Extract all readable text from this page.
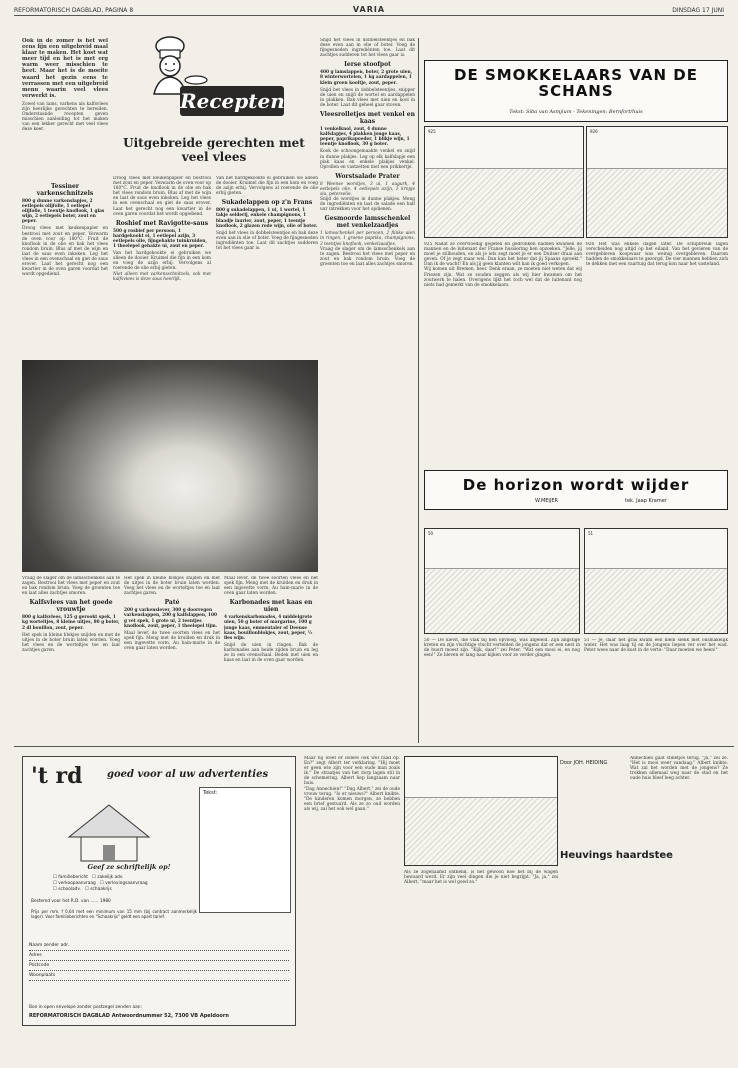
REFORMATORISCH DAGBLAD, PAGINA 8	VARIA	DINSDAG 17 JUNI
Ook in de zomer is het wel eens fijn een uitgebreid maal klaar te maken. Het kost wat meer tijd en het is met erg warm weer misschien te heet. Maar het is de moeite waard het gezin eens te verrassen met een uitgebreid menu waarin veel vlees verwerkt is.
Zowel van lams, varkens als kalfsvlees zijn heerlijke gerechten te bereiden. Onderstaande recepten geven misschien aanleiding tot het maken van een lekker gerecht met veel vlees deze keer.
Recepten
Uitgebreide gerechten met veel vlees
Tessiner varkenschnitzels
800 g dunne varkenslapjes, 2 eetlepels olijfolie, 1 eetlepel olijfolie, 1 teentje knoflook, 1 glas wijn, 2 eetlepels boter, zout en peper.
Droog vlees met keukenpapier en bestrooi met zout en peper. Verwarm de oven voor op 180°C. Fruit de knoflook in de olie en bak het vlees rondom bruin. Blus af met de wijn en laat de saus even inkoken. Leg het vlees in een ovenschaal en giet de saus erover. Laat het gerecht nog een kwartier in de oven garen voordat het wordt opgediend.
Droog vlees met keukenpapier en bestrooi met zout en peper. Verwarm de oven voor op 180°C. Fruit de knoflook in de olie en bak het vlees rondom bruin. Blus af met de wijn en laat de saus even inkoken. Leg het vlees in een ovenschaal en giet de saus erover. Laat het gerecht nog een kwartier in de oven garen voordat het wordt opgediend.
Roshief met Ravigotte-saus
500 g rosbief per persoon, 1 hardgekookt ei, 1 eetlepel azijn, 3 eetlepels olie, fijngehakte tuinkruiden, 1 theelepel gehakte ui, zout en peper.
Van het hardgekookte ei gebruiken we alleen de dooier. Kruimel die fijn in een kom en voeg de azijn erbij. Vervolgens al roerende de olie erbij gieten.
Niet alleen met varkensschnitzels, ook met kalfsvlees is deze saus heerlijk.
Van het hardgekookte ei gebruiken we alleen de dooier. Kruimel die fijn in een kom en voeg de azijn erbij. Vervolgens al roerende de olie erbij gieten.
Sukadelappen op z'n Frans
800 g sukadelappen, 1 ui, 1 wortel, 1 takje selderij, enkele champignons, 1 blaadje laurier, zout, peper, 1 teentje knoflook, 2 glazen rode wijn, olie of boter.
Snijd het vlees in dobbelsteentjes en bak deze even aan in olie of boter. Voeg de fijngesneden ingrediënten toe. Laat dit zachtjes sudderen tot het vlees gaar is.
Snijd het vlees in dobbelsteentjes en bak deze even aan in olie of boter. Voeg de fijngesneden ingrediënten toe. Laat dit zachtjes sudderen tot het vlees gaar is.
Ierse stoofpot
400 g lamslappen, boter, 2 grote uien, 8 winterwortelen, 1 kg aardappelen, 1 klein groen kooltje, zout, peper.
Snijd het vlees in dobbelsteentjes, snipper de uien en snijd de wortel en aardappelen in plakken. Bak vlees met uien en kool in de boter. Laat dit geheel gaar stoven.
Vleesrolletjes met venkel en kaas
1 venkelknol, zout, 4 dunne kalfslapjes, 4 plakken jonge kaas, peper, paprikapoeder, 1 blikje wijn, 1 teentje knoflook, 30 g boter.
Kook de schoongemaakte venkel en snijd in dunne plakjes. Leg op elk kalfslapje een plak kaas en enkele plakjes venkel. Oprollen en vastzetten met een prikkertje.
Worstsalade Prater
8 Weense worstjes, 3 ui, 1 augurk, 4 eetlepels olie, 4 eetlepels azijn, 1 kropje sla, peterselie.
Snijd de worstjes in dunne plakjes. Meng de ingrediënten en laat de salade een half uur intrekken voor het opdienen.
Gesmoorde lamsschenkel met venkelzaadjes
1 lamsschenkel per persoon, 2 flinke uien in ringen, 1 groene paprika, champignons, 3 teentjes knoflook, venkelzaadjes.
Vraag de slager om de lamsschenkels aan te zagen. Bestrooi het vlees met peper en zout en bak rondom bruin. Voeg de groenten toe en laat alles zachtjes smoren.
Vraag de slager om de lamsschenkels aan te zagen. Bestrooi het vlees met peper en zout en bak rondom bruin. Voeg de groenten toe en laat alles zachtjes smoren.
Kalfsvlees van het goede vrouwtje
800 g kalfsvlees, 125 g gerookt spek, 1 kg worteltjes, 8 kleine uitjes, 80 g boter, 2 dl bouillon, zout, peper.
Het spek in kleine blokjes snijden en met de uitjes in de boter bruin laten worden. Voeg het vlees en de worteltjes toe en laat zachtjes garen.
Het spek in kleine blokjes snijden en met de uitjes in de boter bruin laten worden. Voeg het vlees en de worteltjes toe en laat zachtjes garen.
Paté
200 g varkenslever, 300 g doorregen varkenslappen, 200 g kalfslappen, 100 g vet spek, 1 grote ui, 2 teentjes knoflook, zout, peper, 1 theelepel tijm.
Maal lever, de twee soorten vlees en het spek fijn. Meng met de kruiden en druk in een ingevette vorm. Au bain-marie in de oven gaar laten worden.
Maal lever, de twee soorten vlees en het spek fijn. Meng met de kruiden en druk in een ingevette vorm. Au bain-marie in de oven gaar laten worden.
Karbonades met kaas en uien
4 varkenskarbonades, 4 middelgrote uien, 50 g boter of margarine, 100 g jonge kaas, emmentaler of Deense kaas, bouillonblokjes, zout, peper, ½ fles wijn.
Snijd de uien in ringen. Bak de karbonades aan beide zijden bruin en leg ze in een ovenschaal. Bedek met uien en kaas en laat in de oven gaar worden.
DE SMOKKELAARS VAN DE SCHANS
Tekst: Siba van Asmjium - Tekeningen: Bernfort/huis
925	926
925 Nadat ze overvloedig gegeten en gedronken hadden kwamen de mannen en de luitenant der Franse hussiering hen opzoeken. "Jelle, jij moet je stilhouden, en als je iets zegt moet je er een Duitser draai aan geven. Of je zegt maar wel. Dan kan het beter dat jij Spaans spreekt." Dan ik de wacht! En als jij geen klanten wilt kan ik goed verkopen.
Wij komen uit Bremen, heer. Denk eraan, ze moeten niet weten dat wij Friezen zijn. Wat ze zouden zeggen als wij hier kwamen om het zoutwerk te halen. Overigens lijkt het toch wel dat de luitenant nog niets had gemerkt van de smokkelaars.
926 Het was enkele dagen later. De schipbreuk lagen verscheiden nog altijd op het eiland. Van het gevieren van de overgebleven koopwaar was weinig overgebleven. Daarom hadden de smokkelaars te gezorgd. De vier mannen hebben zich te dekken met een vaartuig dat terug kon naar het vasteland.
De horizon wordt wijder
W.MEIJER	tek. Jaap Kramer
50	51
50 — De kievit, die vlak bij hen opvloog, was afgeleid. Zijn angstige kreten en zijn vluchtige vlucht vertelden de jongens dat er een nest in de buurt moest zijn. "Kijk, daar!" zei Peter. "Wat een mooi ei, en nog een!" Ze bleven er lang naar kijken voor ze verder gingen.
51 — Je, daar het gras kwam een klein slenk met onsmakelijk water. Het was laag tij en de jongens liepen ver over het wad. Peter wees naar de kust in de verte: "Daar moeten we heen!"
't rd goed voor al uw advertenties
Tekst:
Geef ze schriftelijk op!
☐ familiebericht   ☐ zakelijk adv.
☐ verkoopaanvraag   ☐ verlovingsaanvraag
☐ schooladv.   ☐ schaakrijs
Bestemd voor het R.D. van ...... 1980
Prijs per mm. f 0,64 met een minimum van 15 mm (bij contract aanmerkelijk lager). Voor familieberichten en "Schaakrijs" geldt een apart tarief.
Naam zender adr.
Adres
Postcode
Woonplaats
Bon in open envelope zonder postzegel zenden aan:
REFORMATORISCH DAGBLAD Antwoordnummer 52, 7300 VB Apeldoorn
Maar hij weet er iedere ook wel raad op. En?" zegt Albert ter verklaring. "Hij moet er geen wie zijn voor een oude man zoals ik." De straatjes van het dorp lagen stil in de schemering. Albert liep langzaam naar huis.
"Dag Annechien!" "Dag Albert," zei de oude vrouw terug. "Is er nieuws?" Albert knikte. "De kinderen komen morgen, ze hebben een brief gestuurd. Als ze zo oud worden als wij, zal het ook wel gaan."
Door JOH. HEIDING
Heuvings haardstee
Als ze zogenaamd ontkend, is het gewoon hoe het bij de wagen bewaard werd. Er zijn veel dingen die je niet begrijpt. "Ja, ja," zei Albert, "maar het is wel goed zo."
Annechien gaat stilletjes terug. "Ja," zei ze. "Het is mooi weer vandaag." Albert knikte. Wat zal het worden met de jongens? Ze trokken allemaal weg naar de stad en het oude huis bleef leeg achter.
